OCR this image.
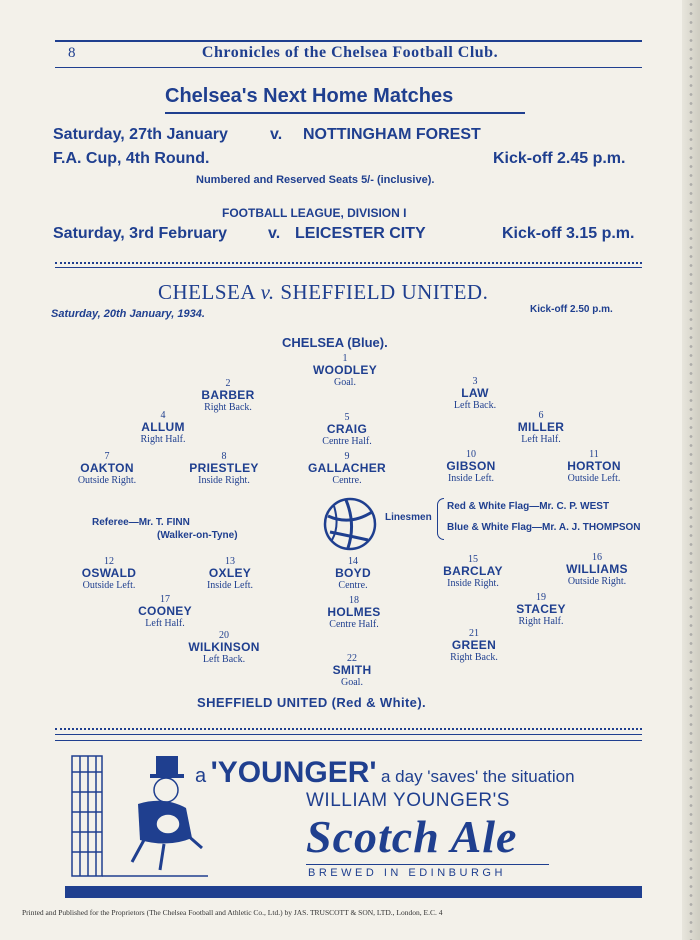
8	Chronicles of the Chelsea Football Club.
Chelsea's Next Home Matches
Saturday, 27th January	v. NOTTINGHAM FOREST
F.A. Cup, 4th Round.	Kick-off 2.45 p.m.
Numbered and Reserved Seats 5/- (inclusive).
FOOTBALL LEAGUE, DIVISION I
Saturday, 3rd February	v. LEICESTER CITY	Kick-off 3.15 p.m.
CHELSEA v. SHEFFIELD UNITED.
Saturday, 20th January, 1934.	Kick-off 2.50 p.m.
CHELSEA (Blue).
1
WOODLEY
Goal.
2
BARBER
Right Back.
3
LAW
Left Back.
4
ALLUM
Right Half.
5
CRAIG
Centre Half.
6
MILLER
Left Half.
7
OAKTON
Outside Right.
8
PRIESTLEY
Inside Right.
9
GALLACHER
Centre.
10
GIBSON
Inside Left.
11
HORTON
Outside Left.
Referee—Mr. T. FINN
(Walker-on-Tyne)
Linesmen
Red & White Flag—Mr. C. P. WEST
Blue & White Flag—Mr. A. J. THOMPSON
12
OSWALD
Outside Left.
13
OXLEY
Inside Left.
14
BOYD
Centre.
15
BARCLAY
Inside Right.
16
WILLIAMS
Outside Right.
17
COONEY
Left Half.
18
HOLMES
Centre Half.
19
STACEY
Right Half.
20
WILKINSON
Left Back.
21
GREEN
Right Back.
22
SMITH
Goal.
SHEFFIELD UNITED (Red & White).
a 'YOUNGER' a day 'saves' the situation
WILLIAM YOUNGER'S
Scotch Ale
BREWED IN EDINBURGH
Printed and Published for the Proprietors (The Chelsea Football and Athletic Co., Ltd.) by JAS. TRUSCOTT & SON, LTD., London, E.C. 4
